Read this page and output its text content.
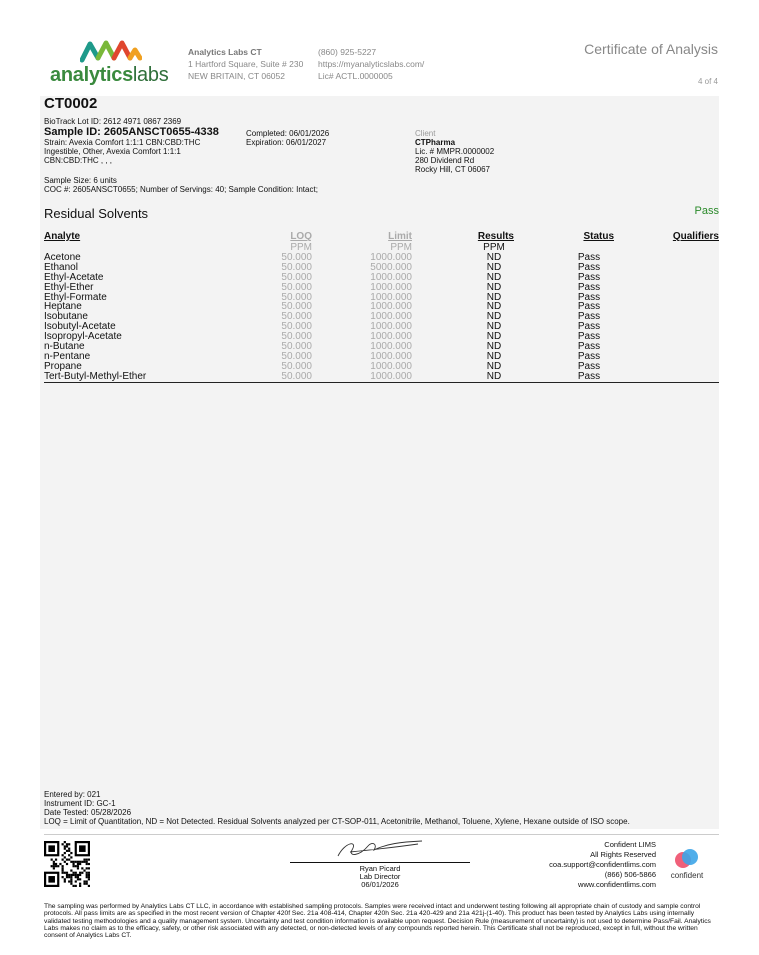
analyticslabs
Analytics Labs CT
1 Hartford Square, Suite # 230
NEW BRITAIN, CT 06052
(860) 925-5227
https://myanalyticslabs.com/
Lic# ACTL.0000005
Certificate of Analysis
4 of 4
CT0002
BioTrack Lot ID: 2612 4971 0867 2369
Sample ID: 2605ANSCT0655-4338
Strain: Avexia Comfort 1:1:1 CBN:CBD:THC
Ingestible, Other, Avexia Comfort 1:1:1
CBN:CBD:THC , , ,
Completed: 06/01/2026
Expiration: 06/01/2027
Sample Size: 6 units
COC #: 2605ANSCT0655; Number of Servings: 40; Sample Condition: Intact;
Client
CTPharma
Lic. # MMPR.0000002
280 Dividend Rd
Rocky Hill, CT 06067
Residual Solvents	Pass
Analyte	LOQ	Limit	Results	Status	Qualifiers
	PPM	PPM	PPM		
Acetone	50.000	1000.000	ND	Pass	
Ethanol	50.000	5000.000	ND	Pass	
Ethyl-Acetate	50.000	1000.000	ND	Pass	
Ethyl-Ether	50.000	1000.000	ND	Pass	
Ethyl-Formate	50.000	1000.000	ND	Pass	
Heptane	50.000	1000.000	ND	Pass	
Isobutane	50.000	1000.000	ND	Pass	
Isobutyl-Acetate	50.000	1000.000	ND	Pass	
Isopropyl-Acetate	50.000	1000.000	ND	Pass	
n-Butane	50.000	1000.000	ND	Pass	
n-Pentane	50.000	1000.000	ND	Pass	
Propane	50.000	1000.000	ND	Pass	
Tert-Butyl-Methyl-Ether	50.000	1000.000	ND	Pass	
Entered by: 021
Instrument ID: GC-1
Date Tested: 05/28/2026
LOQ = Limit of Quantitation, ND = Not Detected. Residual Solvents analyzed per CT-SOP-011, Acetonitrile, Methanol, Toluene, Xylene, Hexane outside of ISO scope.
Ryan Picard
Lab Director
06/01/2026
Confident LIMS
All Rights Reserved
coa.support@confidentlims.com
(866) 506-5866
www.confidentlims.com
confident
The sampling was performed by Analytics Labs CT LLC, in accordance with established sampling protocols. Samples were received intact and underwent testing following all appropriate chain of custody and sample control protocols. All pass limits are as specified in the most recent version of Chapter 420f Sec. 21a 408-414, Chapter 420h Sec. 21a 420-429 and 21a 421j-(1-40). This product has been tested by Analytics Labs using internally validated testing methodologies and a quality management system. Uncertainty and test condition information is available upon request. Decision Rule (measurement of uncertainty) is not used to determine Pass/Fail. Analytics Labs makes no claim as to the efficacy, safety, or other risk associated with any detected, or non-detected levels of any compounds reported herein. This Certificate shall not be reproduced, except in full, without the written consent of Analytics Labs CT.
